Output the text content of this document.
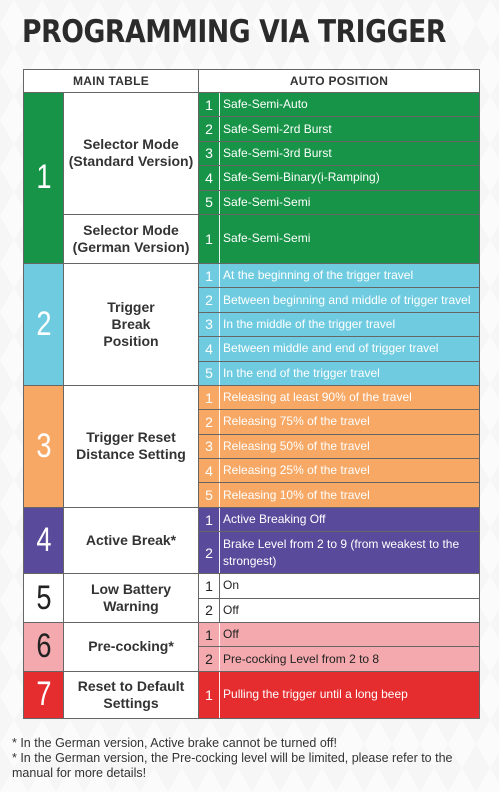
PROGRAMMING VIA TRIGGER
MAIN TABLE		AUTO POSITION	
1	Selector Mode (Standard Version)	1	Safe-Semi-Auto
		2	Safe-Semi-2rd Burst
		3	Safe-Semi-3rd Burst
		4	Safe-Semi-Binary(i-Ramping)
		5	Safe-Semi-Semi
	Selector Mode (German Version)	1	Safe-Semi-Semi
2	Trigger Break Position	1	At the beginning of the trigger travel
		2	Between beginning and middle of trigger travel
		3	In the middle of the trigger travel
		4	Between middle and end of trigger travel
		5	In the end of the trigger travel
3	Trigger Reset Distance Setting	1	Releasing at least 90% of the travel
		2	Releasing 75% of the travel
		3	Releasing 50% of the travel
		4	Releasing 25% of the travel
		5	Releasing 10% of the travel
4	Active Break*	1	Active Breaking Off
		2	Brake Level from 2 to 9 (from weakest to the strongest)
5	Low Battery Warning	1	On
		2	Off
6	Pre-cocking*	1	Off
		2	Pre-cocking Level from 2 to 8
7	Reset to Default Settings	1	Pulling the trigger until a long beep
* In the German version, Active brake cannot be turned off!
* In the German version, the Pre-cocking level will be limited, please refer to the manual for more details!
